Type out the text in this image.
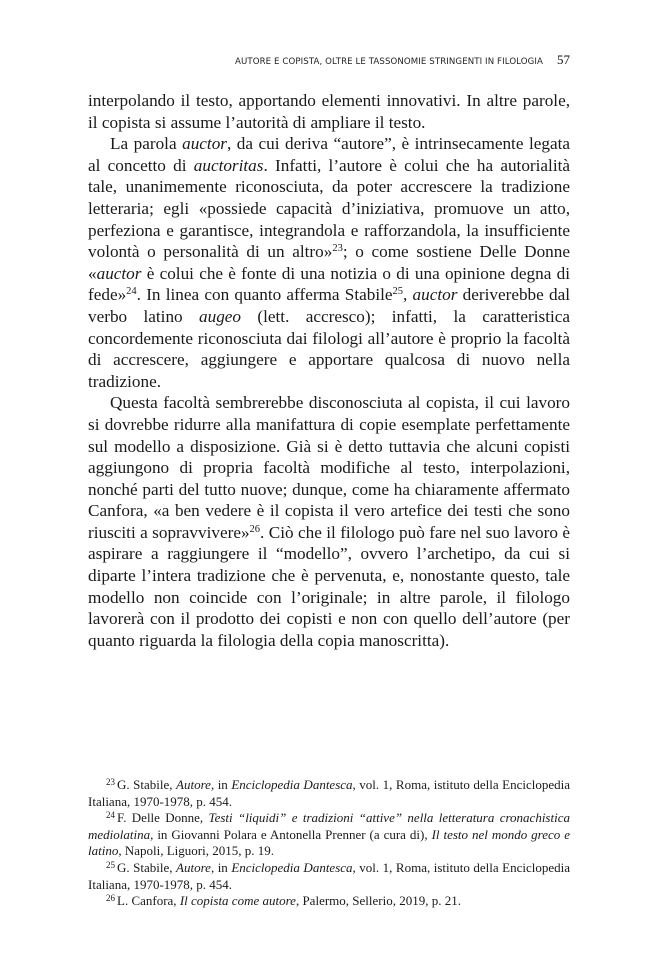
AUTORE E COPISTA, OLTRE LE TASSONOMIE STRINGENTI IN FILOLOGIA 57

interpolando il testo, apportando elementi innovativi. In altre parole, il copista si assume l’autorità di ampliare il testo.

La parola auctor, da cui deriva “autore”, è intrinsecamente legata al concetto di auctoritas. Infatti, l’autore è colui che ha autorialità tale, unanimemente riconosciuta, da poter accrescere la tradizione letteraria; egli «possiede capacità d’iniziativa, promuove un atto, perfeziona e garantisce, integrandola e rafforzandola, la insufficiente volontà o personalità di un altro»$^{23}$; o come sostiene Delle Donne «auctor è colui che è fonte di una notizia o di una opinione degna di fede»$^{24}$. In linea con quanto afferma Stabile$^{25}$, auctor deriverebbe dal verbo latino augeo (lett. accresco); infatti, la caratteristica concordemente riconosciuta dai filologi all’autore è proprio la facoltà di accrescere, aggiungere e apportare qualcosa di nuovo nella tradizione.

Questa facoltà sembrerebbe disconosciuta al copista, il cui lavoro si dovrebbe ridurre alla manifattura di copie esemplate perfettamente sul modello a disposizione. Già si è detto tuttavia che alcuni copisti aggiungono di propria facoltà modifiche al testo, interpolazioni, nonché parti del tutto nuove; dunque, come ha chiaramente affermato Canfora, «a ben vedere è il copista il vero artefice dei testi che sono riusciti a sopravvivere»$^{26}$. Ciò che il filologo può fare nel suo lavoro è aspirare a raggiungere il “modello”, ovvero l’archetipo, da cui si diparte l’intera tradizione che è pervenuta, e, nonostante questo, tale modello non coincide con l’originale; in altre parole, il filologo lavorerà con il prodotto dei copisti e non con quello dell’autore (per quanto riguarda la filologia della copia manoscritta).

$^{23}$ G. Stabile, Autore, in Enciclopedia Dantesca, vol. 1, Roma, istituto della Enciclopedia Italiana, 1970-1978, p. 454.

$^{24}$ F. Delle Donne, Testi “liquidi” e tradizioni “attive” nella letteratura cronachistica mediolatina, in Giovanni Polara e Antonella Prenner (a cura di), Il testo nel mondo greco e latino, Napoli, Liguori, 2015, p. 19.

$^{25}$ G. Stabile, Autore, in Enciclopedia Dantesca, vol. 1, Roma, istituto della Enciclopedia Italiana, 1970-1978, p. 454.

$^{26}$ L. Canfora, Il copista come autore, Palermo, Sellerio, 2019, p. 21.
